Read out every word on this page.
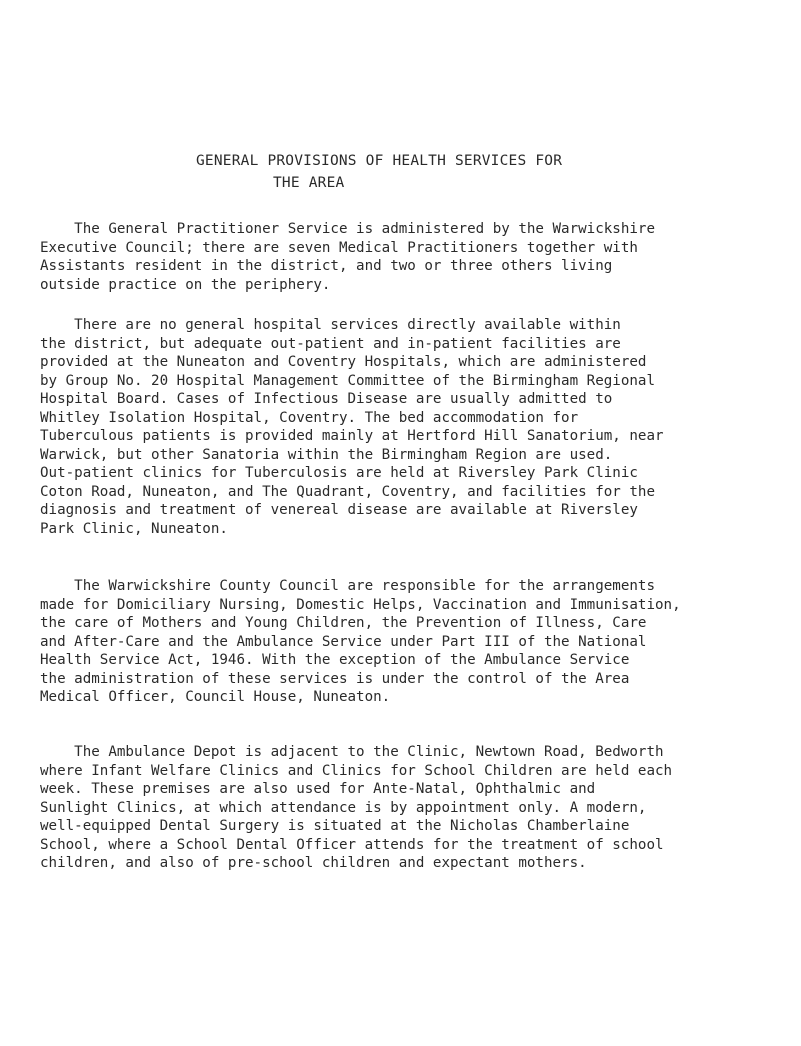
GENERAL PROVISIONS OF HEALTH SERVICES FOR
THE AREA
The General Practitioner Service is administered by the Warwickshire
Executive Council; there are seven Medical Practitioners together with
Assistants resident in the district, and two or three others living
outside practice on the periphery.
There are no general hospital services directly available within
the district, but adequate out-patient and in-patient facilities are
provided at the Nuneaton and Coventry Hospitals, which are administered
by Group No. 20 Hospital Management Committee of the Birmingham Regional
Hospital Board. Cases of Infectious Disease are usually admitted to
Whitley Isolation Hospital, Coventry. The bed accommodation for
Tuberculous patients is provided mainly at Hertford Hill Sanatorium, near
Warwick, but other Sanatoria within the Birmingham Region are used.
Out-patient clinics for Tuberculosis are held at Riversley Park Clinic
Coton Road, Nuneaton, and The Quadrant, Coventry, and facilities for the
diagnosis and treatment of venereal disease are available at Riversley
Park Clinic, Nuneaton.
The Warwickshire County Council are responsible for the arrangements
made for Domiciliary Nursing, Domestic Helps, Vaccination and Immunisation,
the care of Mothers and Young Children, the Prevention of Illness, Care
and After-Care and the Ambulance Service under Part III of the National
Health Service Act, 1946. With the exception of the Ambulance Service
the administration of these services is under the control of the Area
Medical Officer, Council House, Nuneaton.
The Ambulance Depot is adjacent to the Clinic, Newtown Road, Bedworth
where Infant Welfare Clinics and Clinics for School Children are held each
week. These premises are also used for Ante-Natal, Ophthalmic and
Sunlight Clinics, at which attendance is by appointment only. A modern,
well-equipped Dental Surgery is situated at the Nicholas Chamberlaine
School, where a School Dental Officer attends for the treatment of school
children, and also of pre-school children and expectant mothers.
